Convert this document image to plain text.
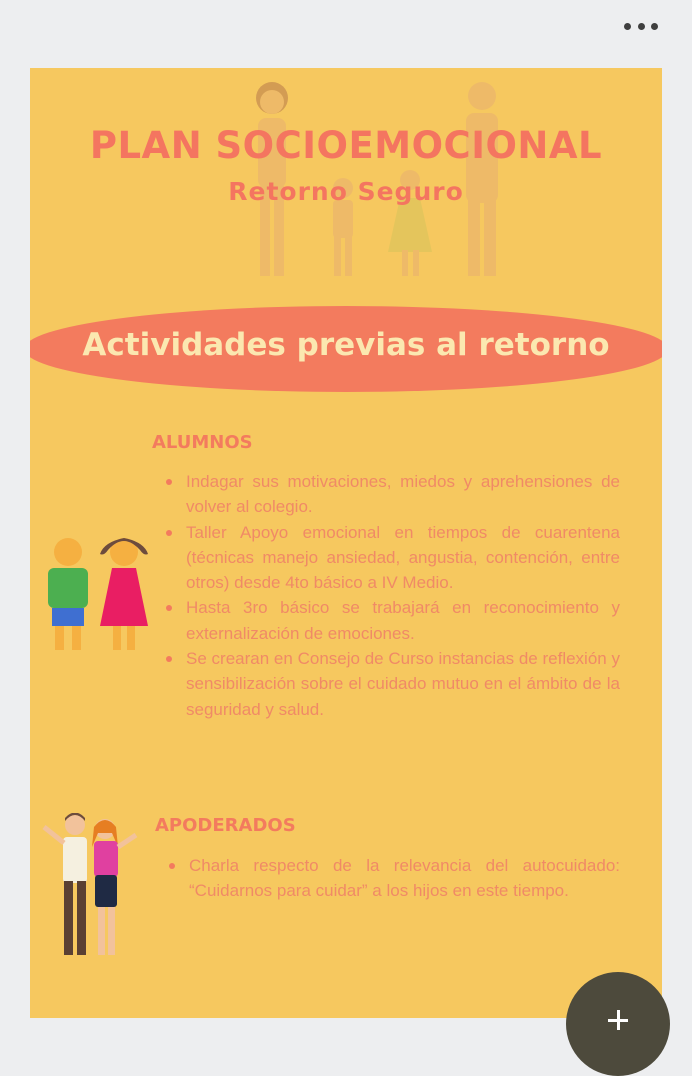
PLAN SOCIOEMOCIONAL
Retorno Seguro
Actividades previas al retorno
ALUMNOS
Indagar sus motivaciones, miedos y aprehensiones de volver al colegio.
Taller Apoyo emocional en tiempos de cuarentena (técnicas manejo ansiedad, angustia, contención, entre otros) desde 4to básico a IV Medio.
Hasta 3ro básico se trabajará en reconocimiento y externalización de emociones.
Se crearan en Consejo de Curso instancias de reflexión y sensibilización sobre el cuidado mutuo en el ámbito de la seguridad y salud.
APODERADOS
Charla respecto de la relevancia del autocuidado: “Cuidarnos para cuidar” a los hijos en este tiempo.
